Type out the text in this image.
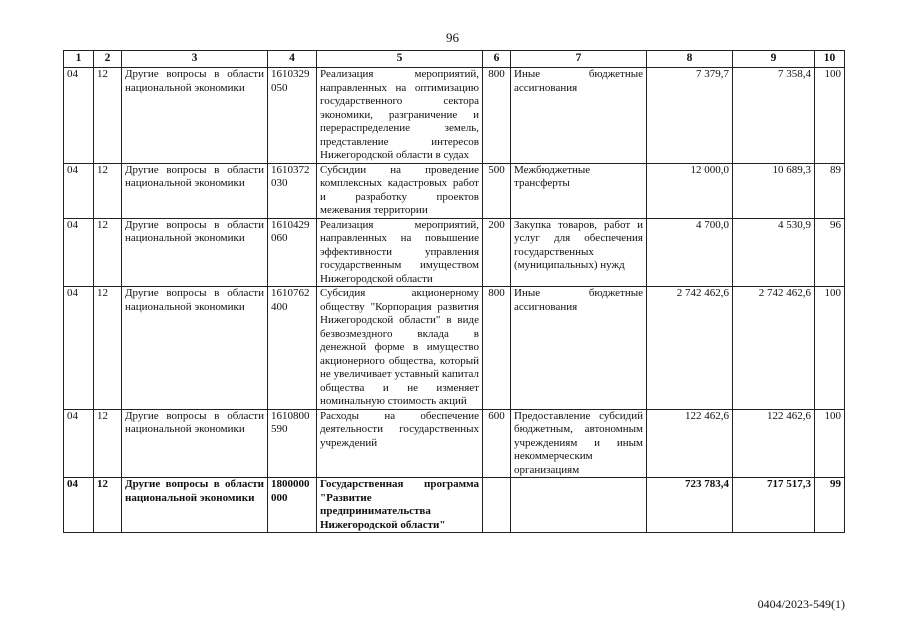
96
1	2	3	4	5	6	7	8	9	10
04	12	Другие вопросы в области национальной экономики	1610329 050	Реализация мероприятий, направленных на оптимизацию государственного сектора экономики, разграничение и перераспределение земель, представление интересов Нижегородской области в судах	800	Иные бюджетные ассигнования	7 379,7	7 358,4	100
04	12	Другие вопросы в области национальной экономики	1610372 030	Субсидии на проведение комплексных кадастровых работ и разработку проектов межевания территории	500	Межбюджетные трансферты	12 000,0	10 689,3	89
04	12	Другие вопросы в области национальной экономики	1610429 060	Реализация мероприятий, направленных на повышение эффективности управления государственным имуществом Нижегородской области	200	Закупка товаров, работ и услуг для обеспечения государственных (муниципальных) нужд	4 700,0	4 530,9	96
04	12	Другие вопросы в области национальной экономики	1610762 400	Субсидия акционерному обществу "Корпорация развития Нижегородской области" в виде безвозмездного вклада в денежной форме в имущество акционерного общества, который не увеличивает уставный капитал общества и не изменяет номинальную стоимость акций	800	Иные бюджетные ассигнования	2 742 462,6	2 742 462,6	100
04	12	Другие вопросы в области национальной экономики	1610800 590	Расходы на обеспечение деятельности государственных учреждений	600	Предоставление субсидий бюджетным, автономным учреждениям и иным некоммерческим организациям	122 462,6	122 462,6	100
04	12	Другие вопросы в области национальной экономики	1800000 000	Государственная программа "Развитие предпринимательства Нижегородской области"			723 783,4	717 517,3	99
0404/2023-549(1)
